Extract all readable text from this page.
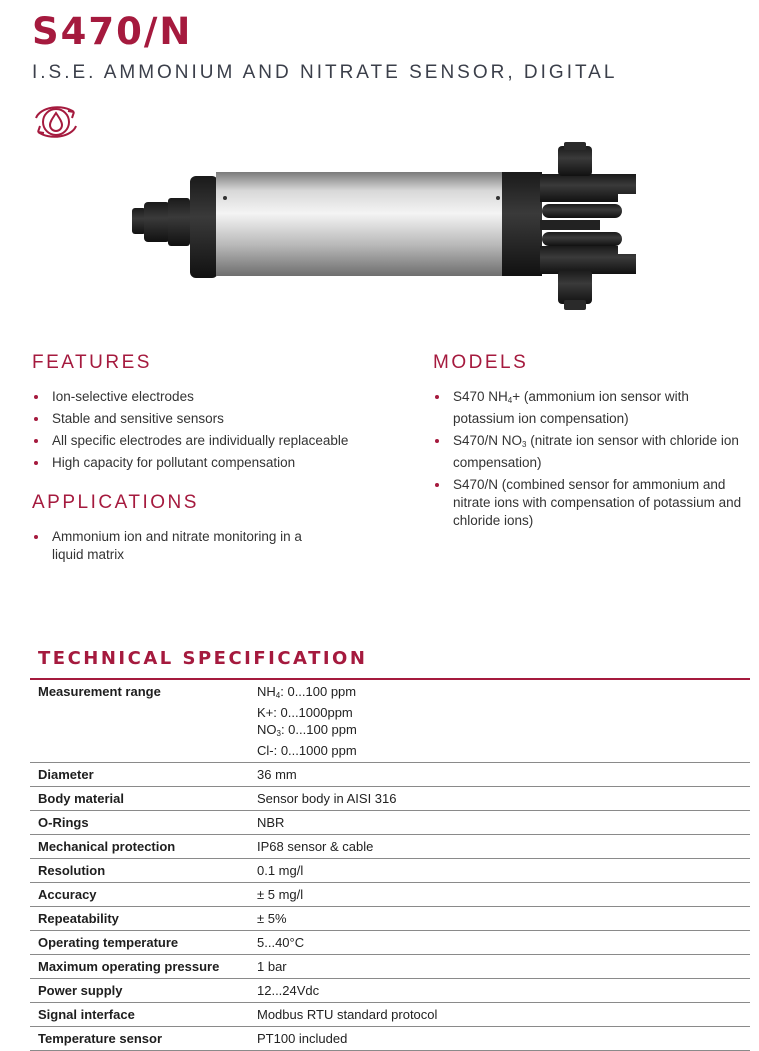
S470/N
I.S.E. AMMONIUM AND NITRATE SENSOR, DIGITAL
FEATURES
Ion-selective electrodes
Stable and sensitive sensors
All specific electrodes are individually replaceable
High capacity for pollutant compensation
APPLICATIONS
Ammonium ion and nitrate monitoring in a liquid matrix
MODELS
S470 $NH_4+$ (ammonium ion sensor with potassium ion compensation)
S470/N $NO_3$ (nitrate ion sensor with chloride ion compensation)
S470/N (combined sensor for ammonium and nitrate ions with compensation of potassium and chloride ions)
TECHNICAL SPECIFICATION
Measurement range	$NH_4$: 0...100 ppm
K+: 0...1000ppm
$NO_3$: 0...100 ppm
Cl-: 0...1000 ppm

Diameter	36 mm
Body material	Sensor body in AISI 316
O-Rings	NBR
Mechanical protection	IP68 sensor & cable
Resolution	0.1 mg/l
Accuracy	± 5 mg/l
Repeatability	± 5%
Operating temperature	5...40°C
Maximum operating pressure	1 bar
Power supply	12...24Vdc
Signal interface	Modbus RTU standard protocol
Temperature sensor	PT100 included
